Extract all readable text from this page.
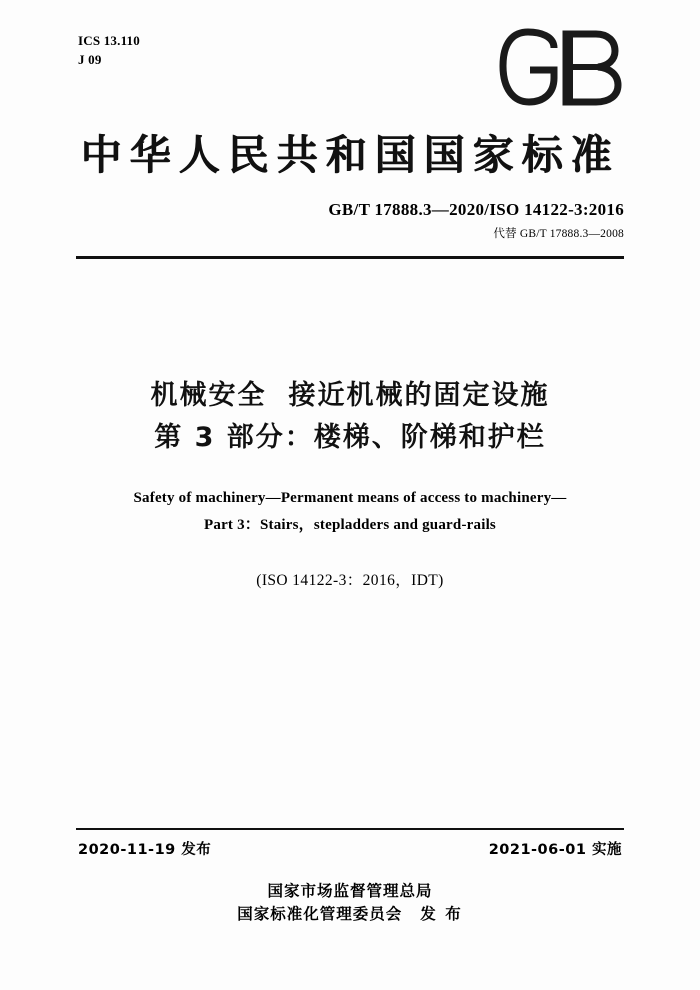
ICS 13.110
J 09
中华人民共和国国家标准
GB/T 17888.3—2020/ISO 14122-3:2016
代替 GB/T 17888.3—2008
机械安全 接近机械的固定设施
第 3 部分：楼梯、阶梯和护栏
Safety of machinery—Permanent means of access to machinery—
Part 3：Stairs，stepladders and guard-rails
(ISO 14122-3：2016，IDT)
2020-11-19 发布	2021-06-01 实施
国家市场监督管理总局
国家标准化管理委员会 发 布
